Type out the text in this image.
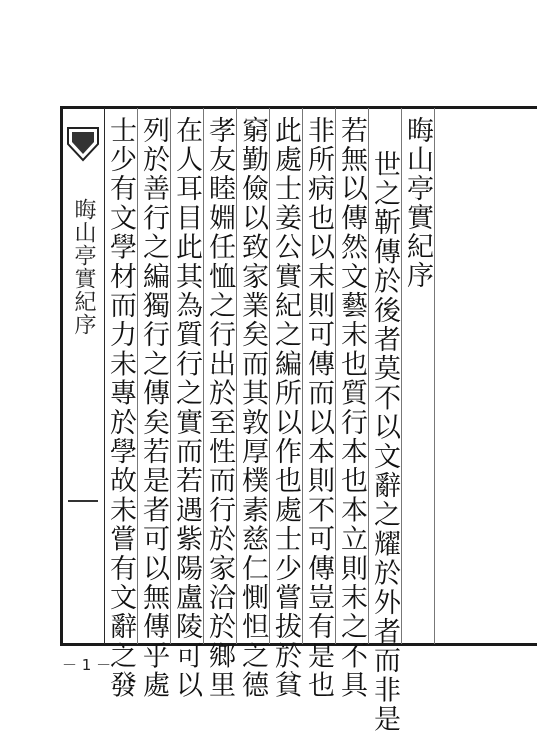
晦山亭實紀序	晦山亭實紀序
世之靳傳於後者莫不以文辭之耀於外者而非是
若無以傳然文藝末也質行本也本立則末之不具
非所病也以末則可傳而以本則不可傳豈有是也
此處士姜公實紀之編所以作也處士少嘗拔於貧
窮勤儉以致家業矣而其敦厚樸素慈仁惻怛之德
孝友睦婣任恤之行出於至性而行於家洽於鄉里
在人耳目此其為質行之實而若遇紫陽盧陵可以
列於善行之編獨行之傳矣若是者可以無傳乎處
士少有文學材而力未專於學故未嘗有文辭之發
－ 1 －
